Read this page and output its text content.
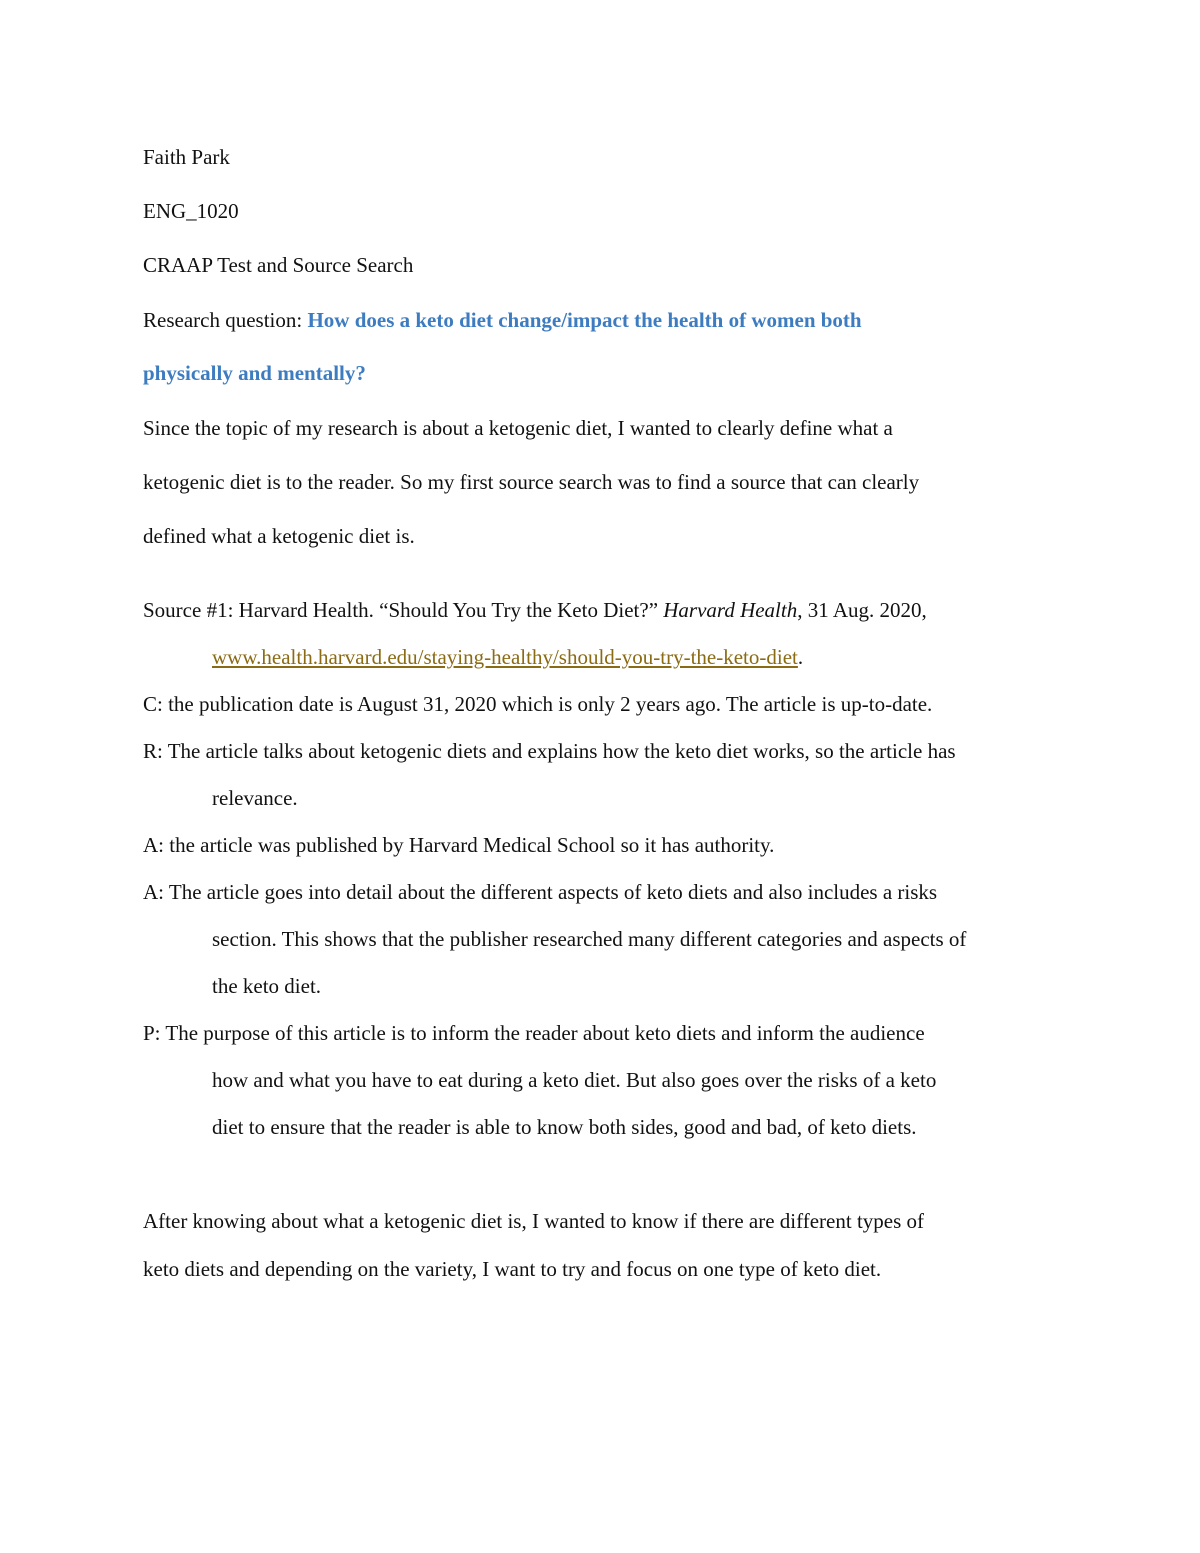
Faith Park
ENG_1020
CRAAP Test and Source Search
Research question: How does a keto diet change/impact the health of women both
physically and mentally?
Since the topic of my research is about a ketogenic diet, I wanted to clearly define what a
ketogenic diet is to the reader. So my first source search was to find a source that can clearly
defined what a ketogenic diet is.
Source #1: Harvard Health. “Should You Try the Keto Diet?” Harvard Health, 31 Aug. 2020,
www.health.harvard.edu/staying-healthy/should-you-try-the-keto-diet.
C: the publication date is August 31, 2020 which is only 2 years ago. The article is up-to-date.
R: The article talks about ketogenic diets and explains how the keto diet works, so the article has
relevance.
A: the article was published by Harvard Medical School so it has authority.
A: The article goes into detail about the different aspects of keto diets and also includes a risks
section. This shows that the publisher researched many different categories and aspects of
the keto diet.
P: The purpose of this article is to inform the reader about keto diets and inform the audience
how and what you have to eat during a keto diet. But also goes over the risks of a keto
diet to ensure that the reader is able to know both sides, good and bad, of keto diets.
After knowing about what a ketogenic diet is, I wanted to know if there are different types of
keto diets and depending on the variety, I want to try and focus on one type of keto diet.
